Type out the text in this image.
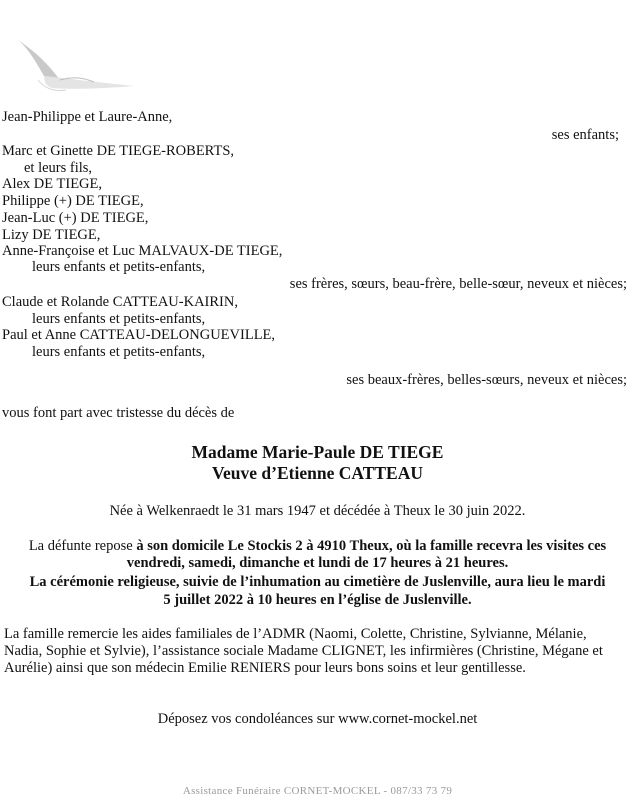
Jean-Philippe et Laure-Anne,
ses enfants;
Marc et Ginette DE TIEGE-ROBERTS,
et leurs fils,
Alex DE TIEGE,
Philippe (+) DE TIEGE,
Jean-Luc (+) DE TIEGE,
Lizy DE TIEGE,
Anne-Françoise et Luc MALVAUX-DE TIEGE,
leurs enfants et petits-enfants,
ses frères, sœurs, beau-frère, belle-sœur, neveux et nièces;
Claude et Rolande CATTEAU-KAIRIN,
leurs enfants et petits-enfants,
Paul et Anne CATTEAU-DELONGUEVILLE,
leurs enfants et petits-enfants,
ses beaux-frères, belles-sœurs, neveux et nièces;
vous font part avec tristesse du décès de
Madame Marie-Paule DE TIEGE
Veuve d’Etienne CATTEAU
Née à Welkenraedt le 31 mars 1947 et décédée à Theux le 30 juin 2022.
La défunte repose à son domicile Le Stockis 2 à 4910 Theux, où la famille recevra les visites ces
vendredi, samedi, dimanche et lundi de 17 heures à 21 heures.
La cérémonie religieuse, suivie de l’inhumation au cimetière de Juslenville, aura lieu le mardi
5 juillet 2022 à 10 heures en l’église de Juslenville.
La famille remercie les aides familiales de l’ADMR (Naomi, Colette, Christine, Sylvianne, Mélanie,
Nadia, Sophie et Sylvie), l’assistance sociale Madame CLIGNET, les infirmières (Christine, Mégane et
Aurélie) ainsi que son médecin Emilie RENIERS pour leurs bons soins et leur gentillesse.
Déposez vos condoléances sur www.cornet-mockel.net
Assistance Funéraire CORNET-MOCKEL - 087/33 73 79
